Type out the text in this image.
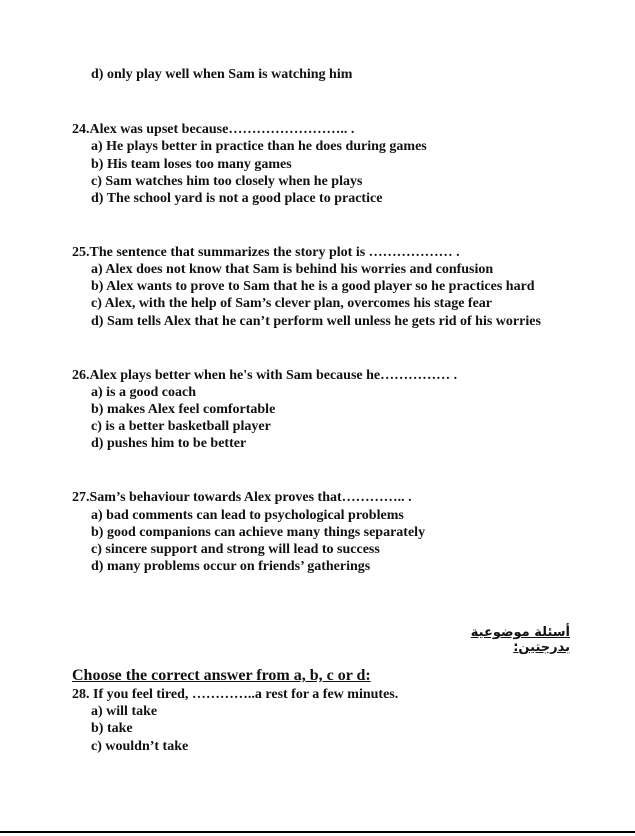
d) only play well when Sam is watching him
24.Alex was upset because…………………….. .
a) He plays better in practice than he does during games
b) His team loses too many games
c) Sam watches him too closely when he plays
d) The school yard is not a good place to practice
25.The sentence that summarizes the story plot is ……………… .
a) Alex does not know that Sam is behind his worries and confusion
b) Alex wants to prove to Sam that he is a good player so he practices hard
c) Alex, with the help of Sam’s clever plan, overcomes his stage fear
d) Sam tells Alex that he can’t perform well unless he gets rid of his worries
26.Alex plays better when he's with Sam because he…………… .
a) is a good coach
b) makes Alex feel comfortable
c) is a better basketball player
d) pushes him to be better
27.Sam’s behaviour towards Alex proves that………….. .
a) bad comments can lead to psychological problems
b) good companions can achieve many things separately
c) sincere support and strong will lead to success
d) many problems occur on friends’ gatherings
أسئلة موضوعية بدرجتين:
Choose the correct answer from a, b, c or d:
28. If you feel tired, …………..a rest for a few minutes.
a) will take
b) take
c) wouldn’t take
